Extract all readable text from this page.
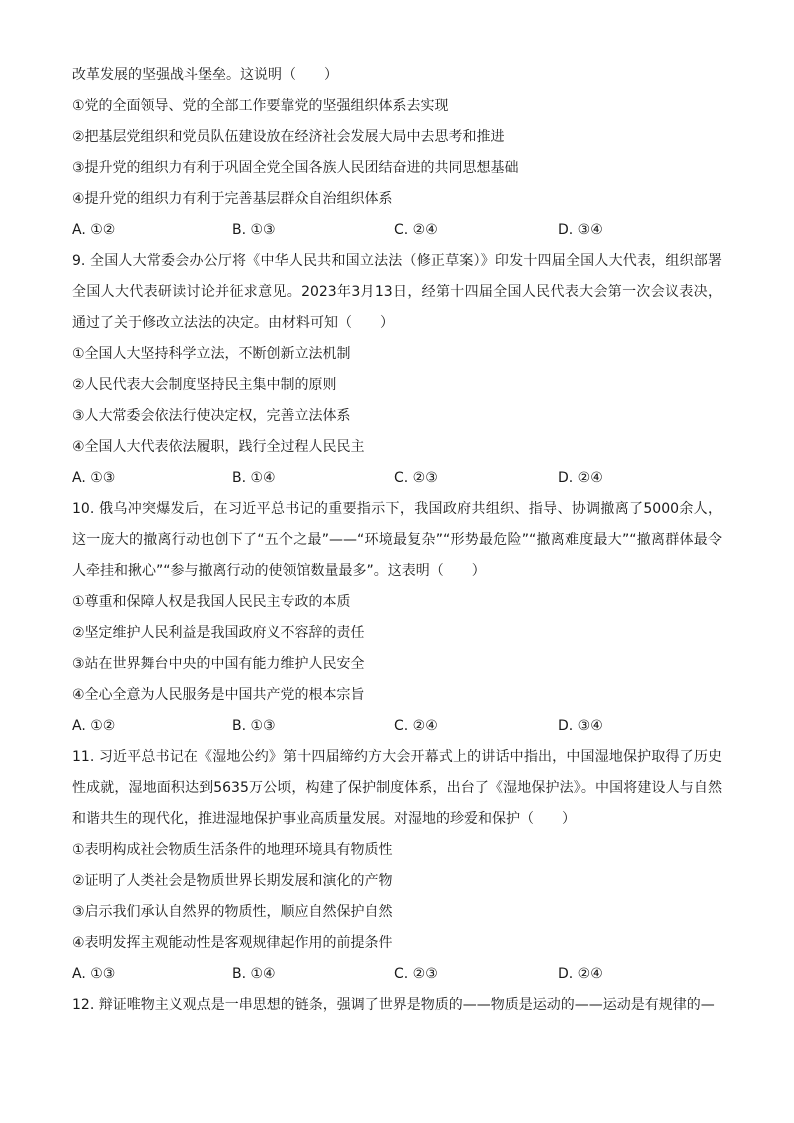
改革发展的坚强战斗堡垒。这说明（　　）
①党的全面领导、党的全部工作要靠党的坚强组织体系去实现
②把基层党组织和党员队伍建设放在经济社会发展大局中去思考和推进
③提升党的组织力有利于巩固全党全国各族人民团结奋进的共同思想基础
④提升党的组织力有利于完善基层群众自治组织体系
A. ①②	B. ①③	C. ②④	D. ③④
9. 全国人大常委会办公厅将《中华人民共和国立法法（修正草案）》印发十四届全国人大代表，组织部署全国人大代表研读讨论并征求意见。2023年3月13日，经第十四届全国人民代表大会第一次会议表决，通过了关于修改立法法的决定。由材料可知（　　）
①全国人大坚持科学立法，不断创新立法机制
②人民代表大会制度坚持民主集中制的原则
③人大常委会依法行使决定权，完善立法体系
④全国人大代表依法履职，践行全过程人民民主
A. ①③	B. ①④	C. ②③	D. ②④
10. 俄乌冲突爆发后，在习近平总书记的重要指示下，我国政府共组织、指导、协调撤离了5000余人，这一庞大的撤离行动也创下了“五个之最”——“环境最复杂”“形势最危险”“撤离难度最大”“撤离群体最令人牵挂和揪心”“参与撤离行动的使领馆数量最多”。这表明（　　）
①尊重和保障人权是我国人民民主专政的本质
②坚定维护人民利益是我国政府义不容辞的责任
③站在世界舞台中央的中国有能力维护人民安全
④全心全意为人民服务是中国共产党的根本宗旨
A. ①②	B. ①③	C. ②④	D. ③④
11. 习近平总书记在《湿地公约》第十四届缔约方大会开幕式上的讲话中指出，中国湿地保护取得了历史性成就，湿地面积达到5635万公顷，构建了保护制度体系，出台了《湿地保护法》。中国将建设人与自然和谐共生的现代化，推进湿地保护事业高质量发展。对湿地的珍爱和保护（　　）
①表明构成社会物质生活条件的地理环境具有物质性
②证明了人类社会是物质世界长期发展和演化的产物
③启示我们承认自然界的物质性，顺应自然保护自然
④表明发挥主观能动性是客观规律起作用的前提条件
A. ①③	B. ①④	C. ②③	D. ②④
12. 辩证唯物主义观点是一串思想的链条，强调了世界是物质的——物质是运动的——运动是有规律的—
